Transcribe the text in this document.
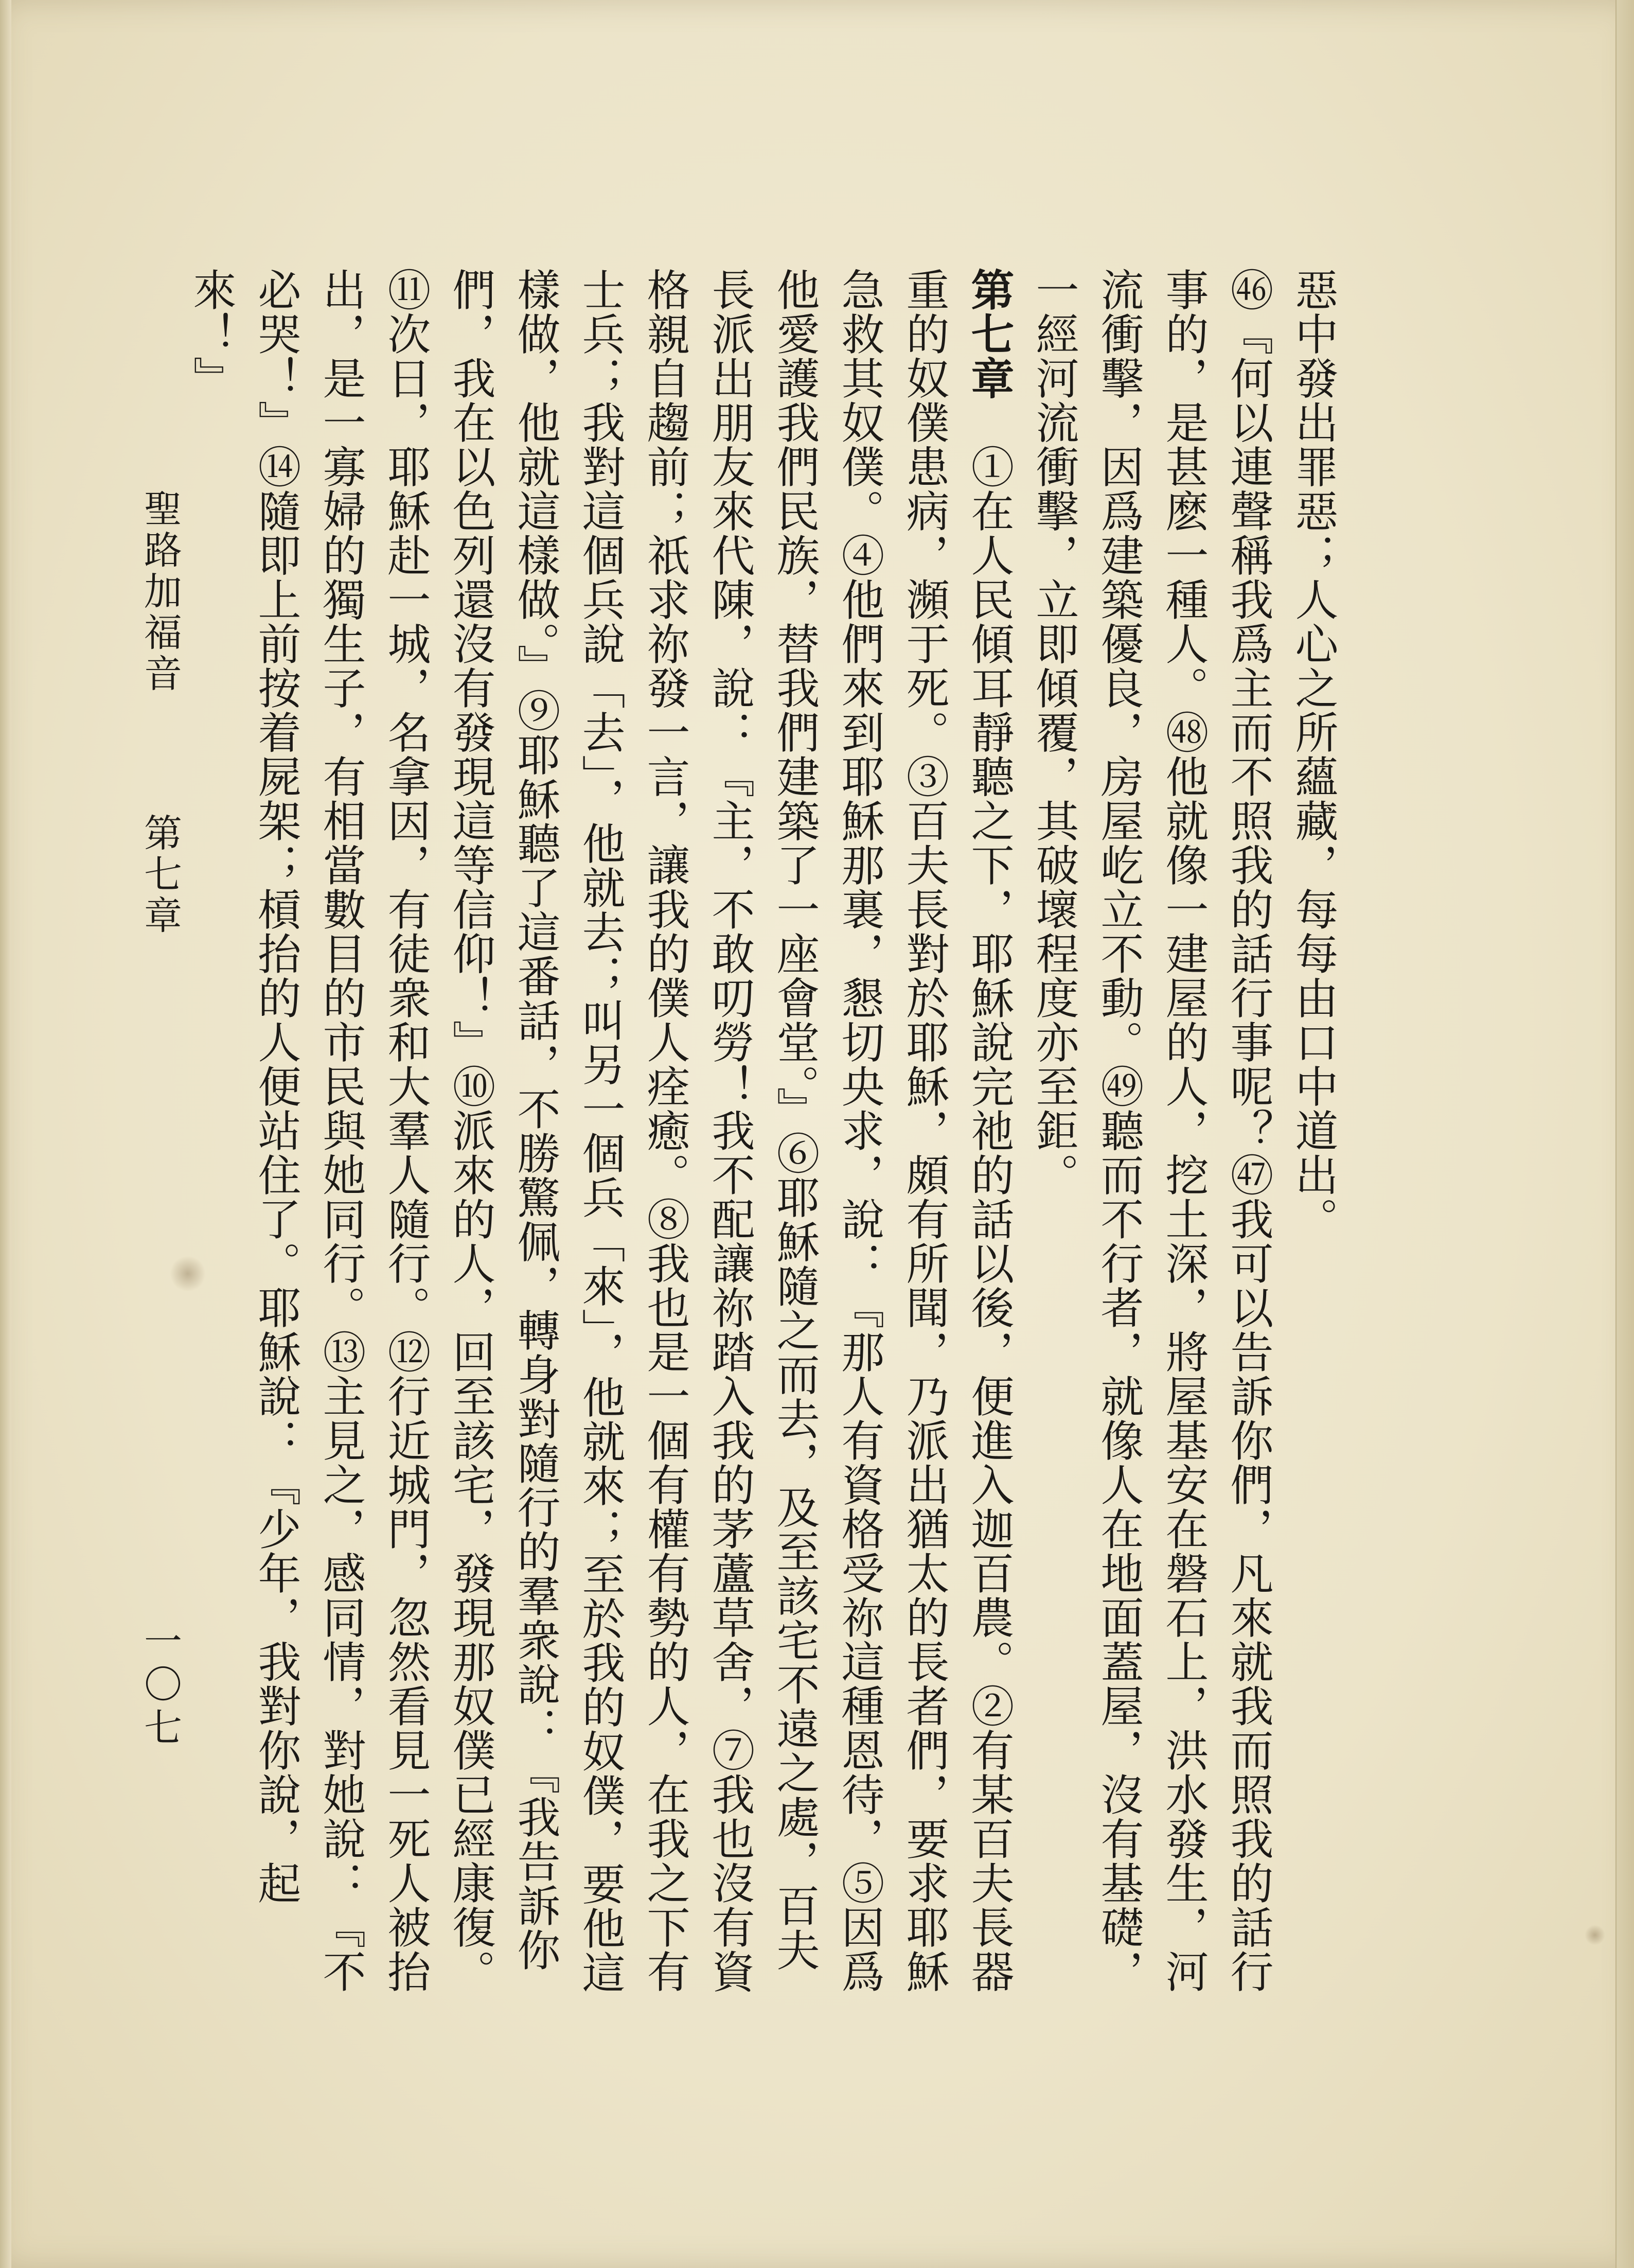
惡中發出罪惡；人心之所蘊藏，每每由口中道出。

㊻『何以連聲稱我爲主而不照我的話行事呢？㊼我可以告訴你們，凡來就我而照我的話行事的，是甚麽一種人。㊽他就像一建屋的人，挖土深，將屋基安在磐石上，洪水發生，河流衝擊，因爲建築優良，房屋屹立不動。㊾聽而不行者，就像人在地面蓋屋，沒有基礎，一經河流衝擊，立即傾覆，其破壞程度亦至鉅。

第七章　①在人民傾耳靜聽之下，耶穌說完祂的話以後，便進入迦百農。②有某百夫長器重的奴僕患病，瀕于死。③百夫長對於耶穌，頗有所聞，乃派出猶太的長者們，要求耶穌急救其奴僕。④他們來到耶穌那裏，懇切央求，說：『那人有資格受祢這種恩待，⑤因爲他愛護我們民族，替我們建築了一座會堂。』⑥耶穌隨之而去，及至該宅不遠之處，百夫長派出朋友來代陳，說：『主，不敢叨勞！我不配讓祢踏入我的茅蘆草舍，⑦我也沒有資格親自趨前；祇求祢發一言，讓我的僕人痊癒。⑧我也是一個有權有勢的人，在我之下有士兵；我對這個兵說「去」，他就去；叫另一個兵「來」，他就來；至於我的奴僕，要他這樣做，他就這樣做。』⑨耶穌聽了這番話，不勝驚佩，轉身對隨行的羣衆說：『我告訴你們，我在以色列還沒有發現這等信仰！』⑩派來的人，回至該宅，發現那奴僕已經康復。

⑪次日，耶穌赴一城，名拿因，有徒衆和大羣人隨行。⑫行近城門，忽然看見一死人被抬出，是一寡婦的獨生子，有相當數目的市民與她同行。⑬主見之，感同情，對她說：『不必哭！』⑭隨即上前按着屍架；槓抬的人便站住了。耶穌說：『少年，我對你說，起來！』

聖路加福音 第七章
一〇七
